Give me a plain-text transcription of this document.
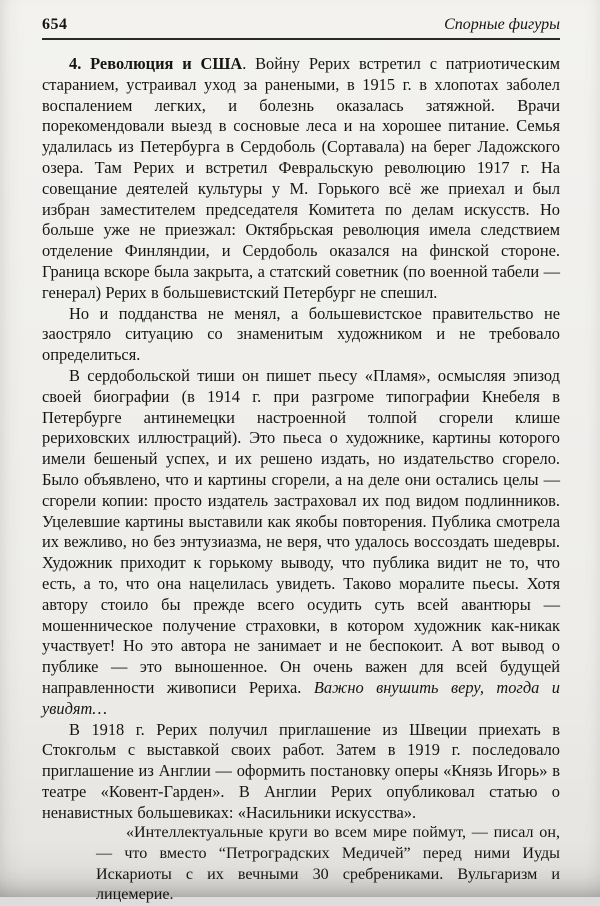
654	Спорные фигуры

4. Революция и США. Войну Рерих встретил с патриотическим старанием, устраивал уход за ранеными, в 1915 г. в хлопотах заболел воспалением легких, и болезнь оказалась затяжной. Врачи порекомендовали выезд в сосновые леса и на хорошее питание. Семья удалилась из Петербурга в Сердоболь (Сортавала) на берег Ладожского озера. Там Рерих и встретил Февральскую революцию 1917 г. На совещание деятелей культуры у М. Горького всё же приехал и был избран заместителем председателя Комитета по делам искусств. Но больше уже не приезжал: Октябрьская революция имела следствием отделение Финляндии, и Сердоболь оказался на финской стороне. Граница вскоре была закрыта, а статский советник (по военной табели — генерал) Рерих в большевистский Петербург не спешил.

Но и подданства не менял, а большевистское правительство не заостряло ситуацию со знаменитым художником и не требовало определиться.

В сердобольской тиши он пишет пьесу «Пламя», осмысляя эпизод своей биографии (в 1914 г. при разгроме типографии Кнебеля в Петербурге антинемецки настроенной толпой сгорели клише рериховских иллюстраций). Это пьеса о художнике, картины которого имели бешеный успех, и их решено издать, но издательство сгорело. Было объявлено, что и картины сгорели, а на деле они остались целы — сгорели копии: просто издатель застраховал их под видом подлинников. Уцелевшие картины выставили как якобы повторения. Публика смотрела их вежливо, но без энтузиазма, не веря, что удалось воссоздать шедевры. Художник приходит к горькому выводу, что публика видит не то, что есть, а то, что она нацелилась увидеть. Таково моралите пьесы. Хотя автору стоило бы прежде всего осудить суть всей авантюры — мошенническое получение страховки, в котором художник как-никак участвует! Но это автора не занимает и не беспокоит. А вот вывод о публике — это выношенное. Он очень важен для всей будущей направленности живописи Рериха. Важно внушить веру, тогда и увидят…

В 1918 г. Рерих получил приглашение из Швеции приехать в Стокгольм с выставкой своих работ. Затем в 1919 г. последовало приглашение из Англии — оформить постановку оперы «Князь Игорь» в театре «Ковент-Гарден». В Англии Рерих опубликовал статью о ненавистных большевиках: «Насильники искусства».

«Интеллектуальные круги во всем мире поймут, — писал он, — что вместо “Петроградских Медичей” перед ними Иуды Искариоты с их вечными 30 сребрениками. Вульгаризм и лицемерие.
